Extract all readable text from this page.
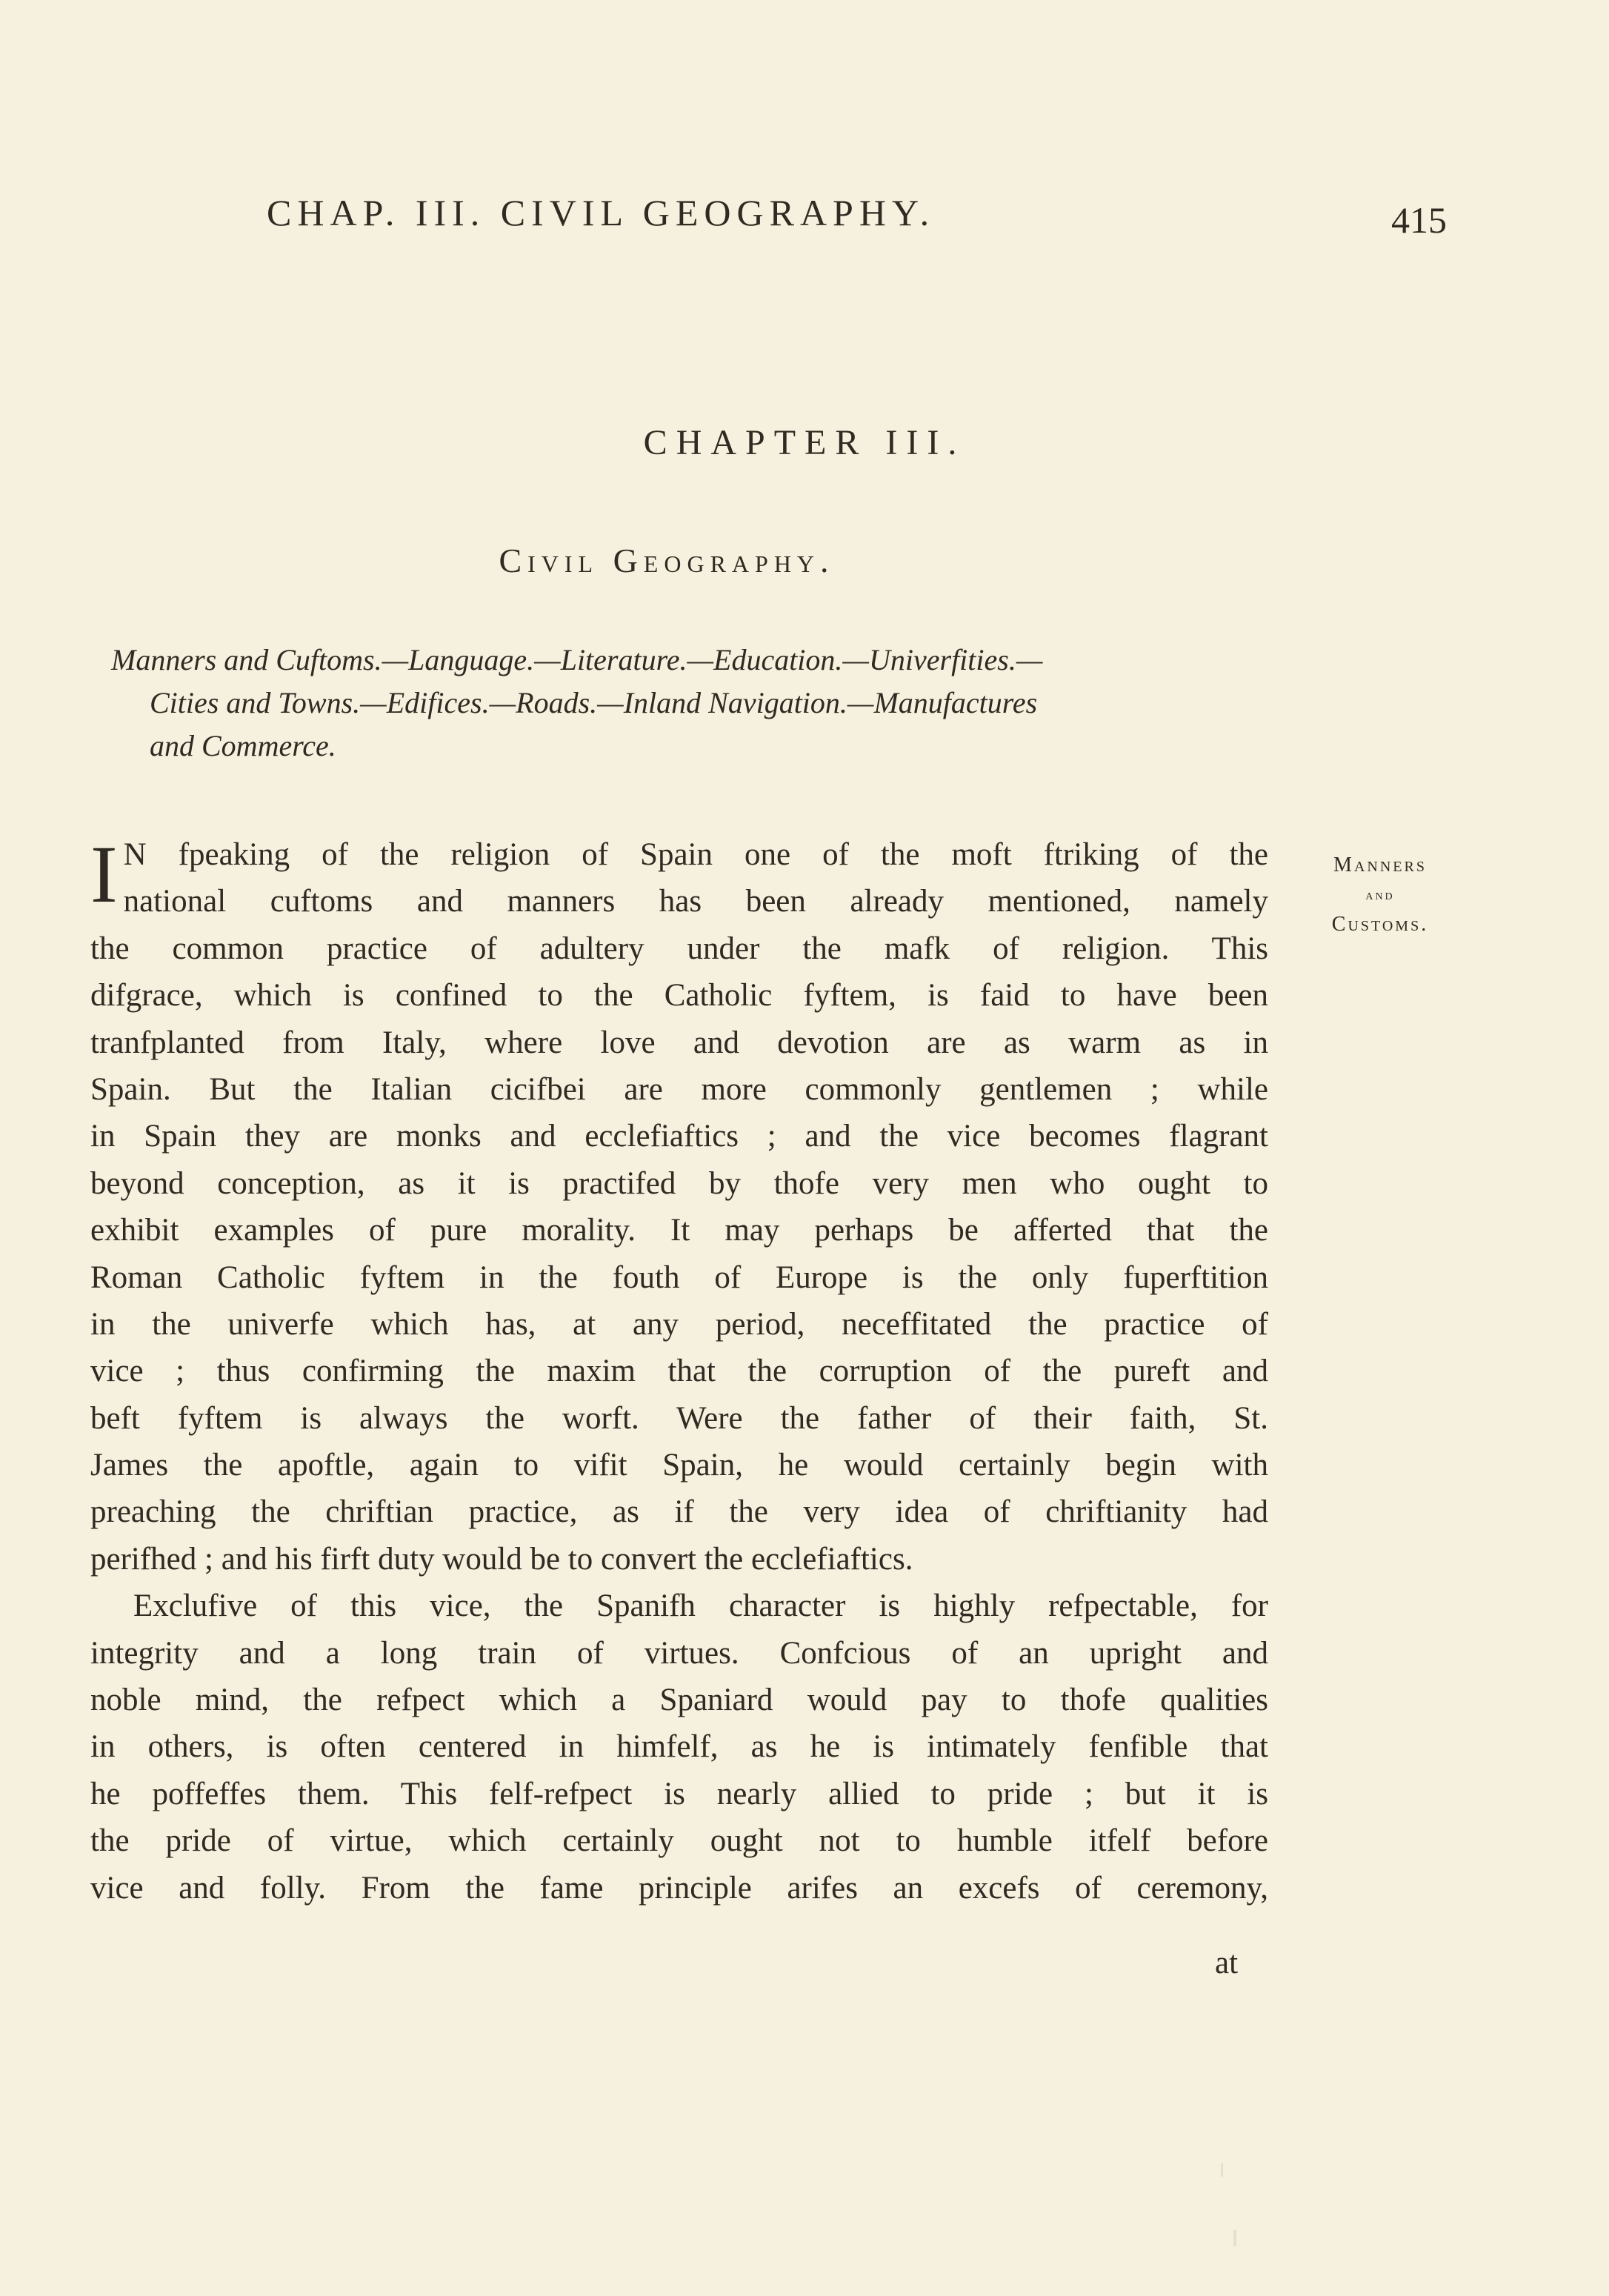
CHAP. III. CIVIL GEOGRAPHY.	415
CHAPTER III.
Civil Geography.
Manners and Cuftoms.—Language.—Literature.—Education.—Univerfities.—
Cities and Towns.—Edifices.—Roads.—Inland Navigation.—Manufactures
and Commerce.
Manners
and
Customs.
I N fpeaking of the religion of Spain one of the moft ftriking of the
national cuftoms and manners has been already mentioned, namely
the common practice of adultery under the mafk of religion. This
difgrace, which is confined to the Catholic fyftem, is faid to have been
tranfplanted from Italy, where love and devotion are as warm as in
Spain. But the Italian cicifbei are more commonly gentlemen ; while
in Spain they are monks and ecclefiaftics ; and the vice becomes flagrant
beyond conception, as it is practifed by thofe very men who ought to
exhibit examples of pure morality. It may perhaps be afferted that the
Roman Catholic fyftem in the fouth of Europe is the only fuperftition
in the univerfe which has, at any period, neceffitated the practice of
vice ; thus confirming the maxim that the corruption of the pureft and
beft fyftem is always the worft. Were the father of their faith, St.
James the apoftle, again to vifit Spain, he would certainly begin with
preaching the chriftian practice, as if the very idea of chriftianity had
perifhed ; and his firft duty would be to convert the ecclefiaftics.
Exclufive of this vice, the Spanifh character is highly refpectable, for
integrity and a long train of virtues. Confcious of an upright and
noble mind, the refpect which a Spaniard would pay to thofe qualities
in others, is often centered in himfelf, as he is intimately fenfible that
he poffeffes them. This felf-refpect is nearly allied to pride ; but it is
the pride of virtue, which certainly ought not to humble itfelf before
vice and folly. From the fame principle arifes an excefs of ceremony,
at
